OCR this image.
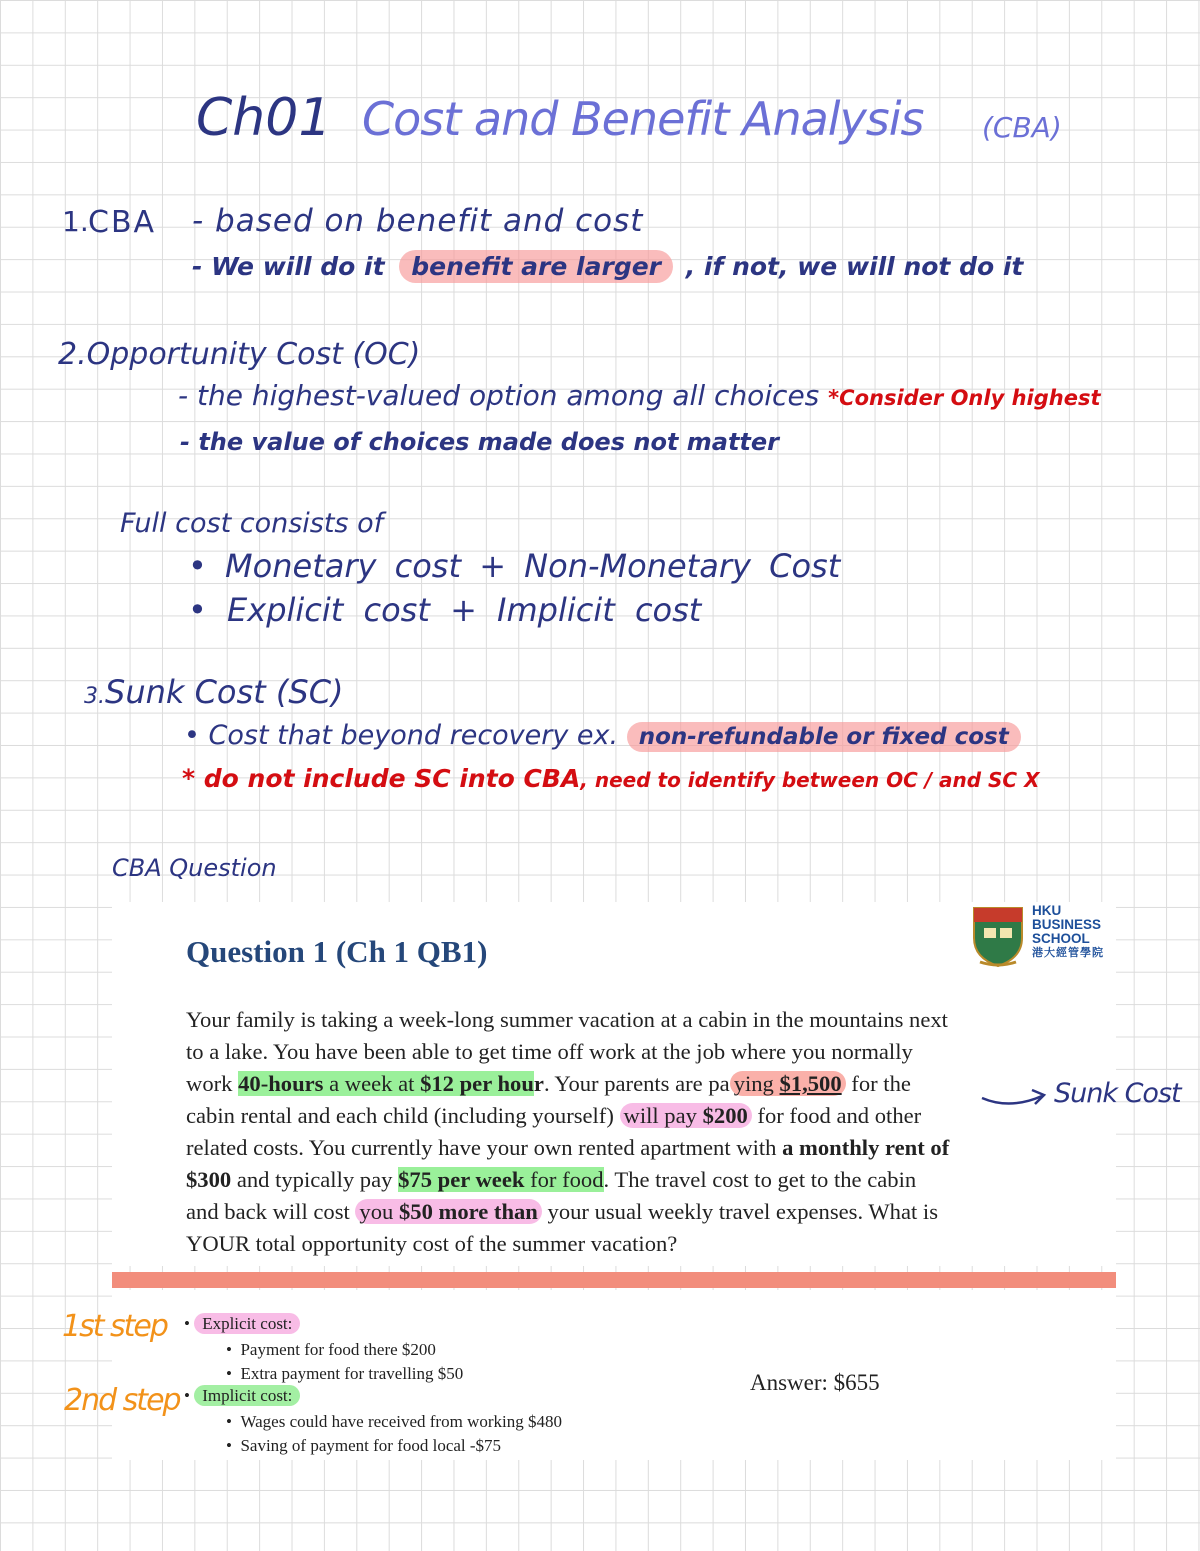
Ch01 Cost and Benefit Analysis (CBA)
1. CBA - based on benefit and cost
- We will do it benefit are larger , if not, we will not do it
2.Opportunity Cost (OC)
- the highest-valued option among all choices *Consider Only highest
- the value of choices made does not matter
Full cost consists of
• Monetary cost + Non-Monetary Cost
• Explicit cost + Implicit cost
3.Sunk Cost (SC)
• Cost that beyond recovery ex. non-refundable or fixed cost
* do not include SC into CBA, need to identify between OC / and SC X
CBA Question
Question 1 (Ch 1 QB1)
HKU
BUSINESS
SCHOOL
港大經管學院

Your family is taking a week-long summer vacation at a cabin in the mountains next

to a lake. You have been able to get time off work at the job where you normally

work 40-hours a week at $12 per hour. Your parents are pa ying $1,500 for the

cabin rental and each child (including yourself) will pay $200 for food and other

related costs. You currently have your own rented apartment with a monthly rent of

$300 and typically pay $75 per week for food. The travel cost to get to the cabin

and back will cost you $50 more than your usual weekly travel expenses. What is

YOUR total opportunity cost of the summer vacation?

Sunk Cost
• Explicit cost:
•  Payment for food there $200
•  Extra payment for travelling $50
• Implicit cost:
•  Wages could have received from working $480
•  Saving of payment for food local -$75
Answer: $655
1st step
2nd step
